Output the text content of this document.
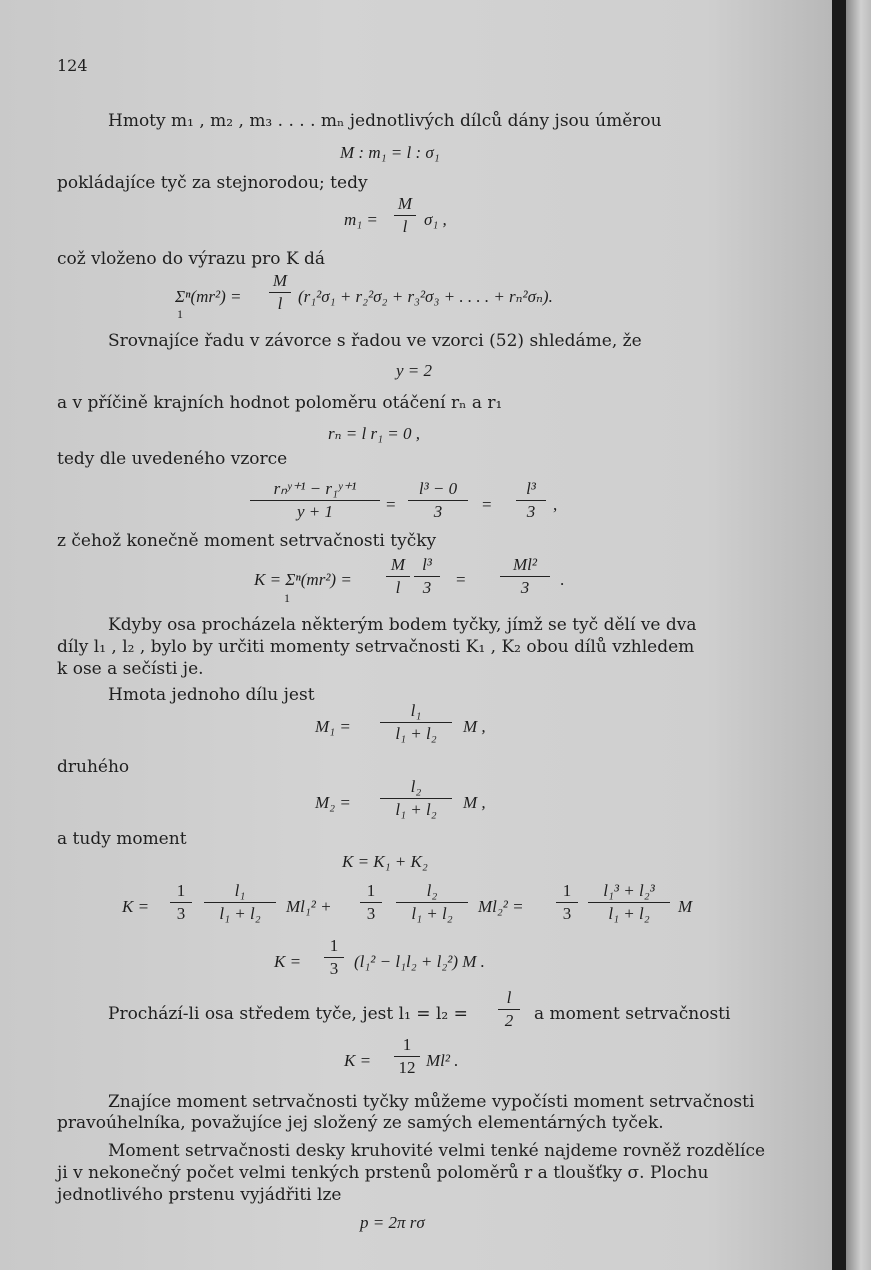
124
Hmoty m₁ , m₂ , m₃ . . . . mₙ jednotlivých dílců dány jsou úměrou
M : m₁ = l : σ₁
pokládajíce tyč za stejnorodou; tedy
m₁ =
M
l σ₁ ,
což vloženo do výrazu pro K dá
Σⁿ(mr²) =
1
M
l (r₁²σ₁ + r₂²σ₂ + r₃²σ₃ + . . . . + rₙ²σₙ).
Srovnajíce řadu v závorce s řadou ve vzorci (52) shledáme, že
y = 2
a v příčině krajních hodnot poloměru otáčení rₙ a r₁
rₙ = l r₁ = 0 ,
tedy dle uvedeného vzorce
rₙʸ⁺¹ − r₁ʸ⁺¹
y + 1	=
l³ − 0
3	=
l³
3	,
z čehož konečně moment setrvačnosti tyčky
K = Σⁿ(mr²) =
1
M
l
l³
3	=
Ml²
3	.
Kdyby osa procházela některým bodem tyčky, jímž se tyč dělí ve dva
díly l₁ , l₂ , bylo by určiti momenty setrvačnosti K₁ , K₂ obou dílů vzhledem
k ose a sečísti je.
Hmota jednoho dílu jest
M₁ =
l₁
l₁ + l₂	M ,
druhého
M₂ =
l₂
l₁ + l₂	M ,
a tudy moment
K = K₁ + K₂
K =
1
3
l₁
l₁ + l₂	Ml₁² +
1
3
l₂
l₁ + l₂	Ml₂² =
1
3
l₁³ + l₂³
l₁ + l₂	M
K =
1
3 (l₁² − l₁l₂ + l₂²) M .
Prochází-li osa středem tyče, jest l₁ = l₂ =
l
2	a moment setrvačnosti
K =
1
12 Ml² .
Znajíce moment setrvačnosti tyčky můžeme vypočísti moment setrvačnosti
pravoúhelníka, považujíce jej složený ze samých elementárných tyček.
Moment setrvačnosti desky kruhovité velmi tenké najdeme rovněž rozdělíce
ji v nekonečný počet velmi tenkých prstenů poloměrů r a tloušťky σ. Plochu
jednotlivého prstenu vyjádřiti lze
p = 2π rσ
